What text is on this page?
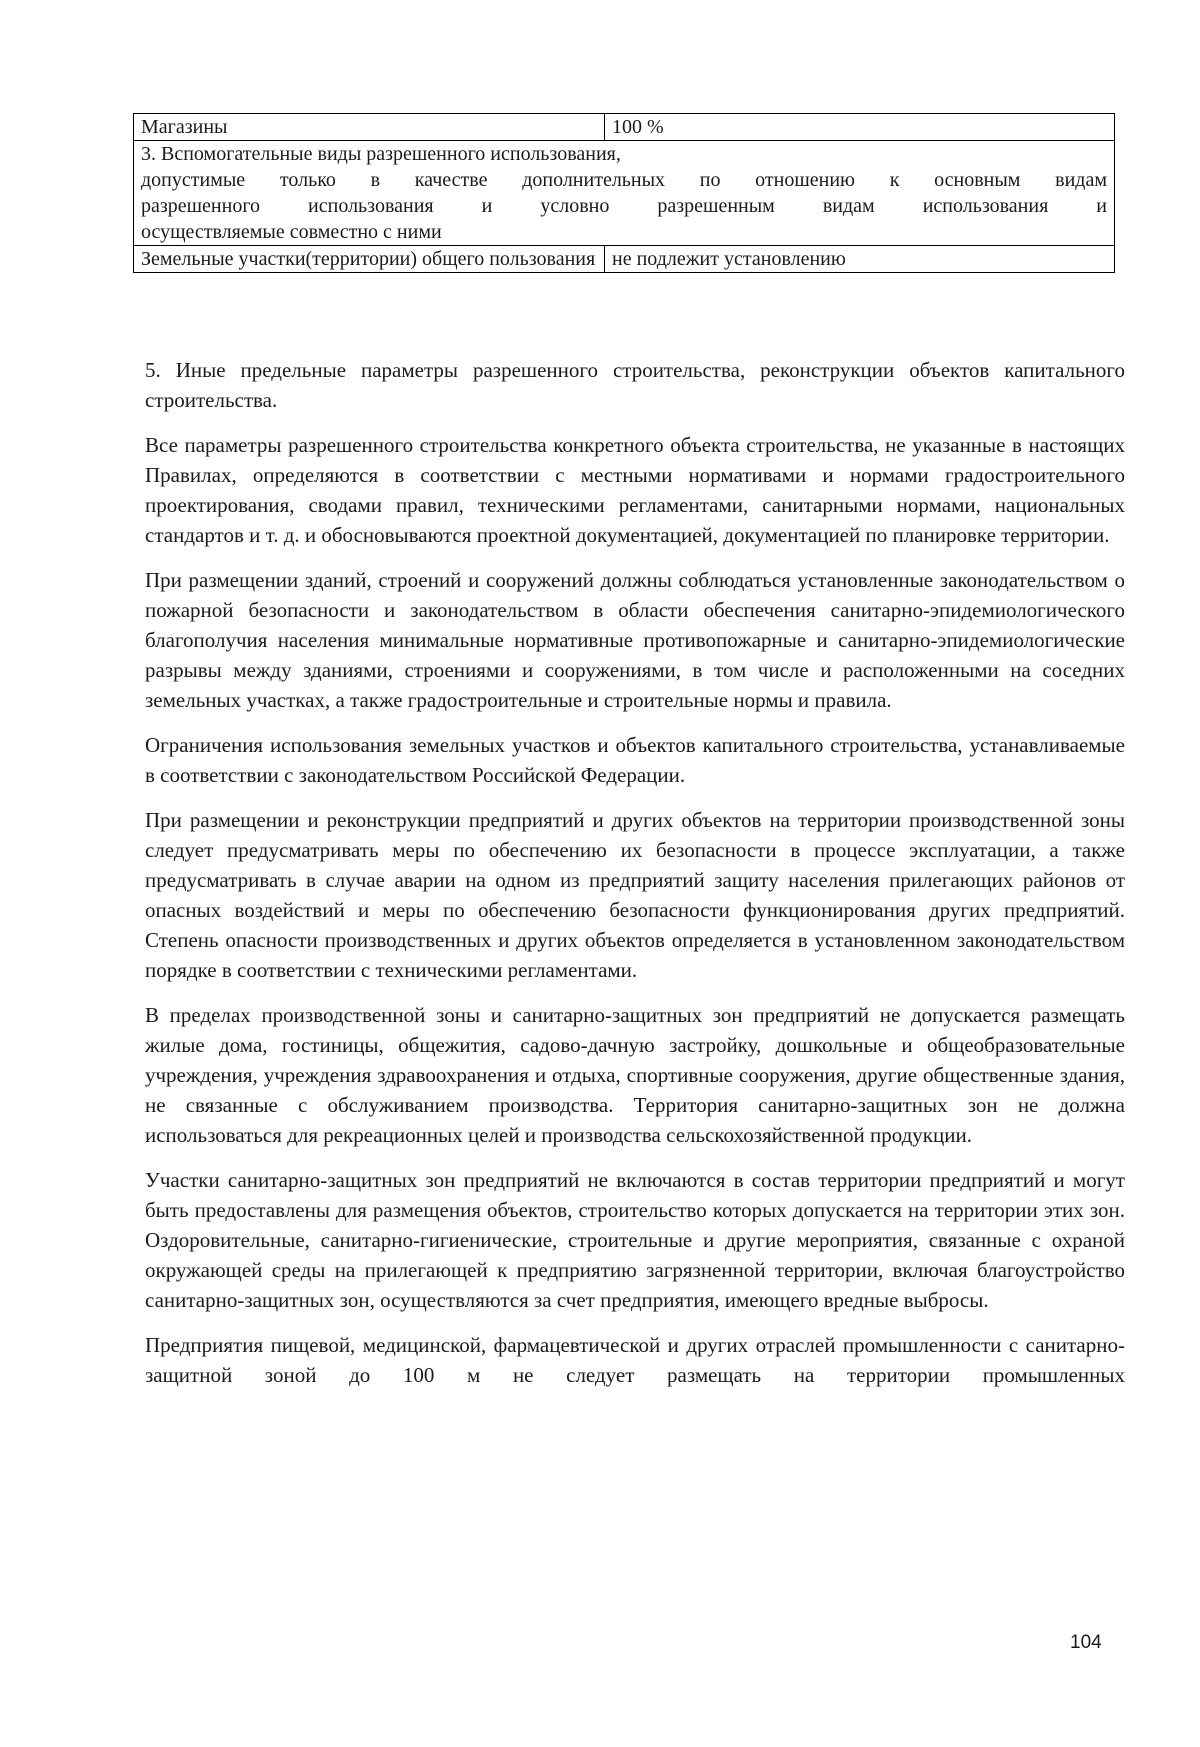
Магазины	100 %

3. Вспомогательные виды разрешенного использования,
допустимые только в качестве дополнительных по отношению к основным видам
разрешенного использования и условно разрешенным видам использования и
осуществляемые совместно с ними	

Земельные участки(территории) общего пользования	не подлежит установлению

5. Иные предельные параметры разрешенного строительства, реконструкции объектов капитального строительства.

Все параметры разрешенного строительства конкретного объекта строительства, не указанные в настоящих Правилах, определяются в соответствии с местными нормативами и нормами градостроительного проектирования, сводами правил, техническими регламентами, санитарными нормами, национальных стандартов и т. д. и обосновываются проектной документацией, документацией по планировке территории.

При размещении зданий, строений и сооружений должны соблюдаться установленные законодательством о пожарной безопасности и законодательством в области обеспечения санитарно-эпидемиологического благополучия населения минимальные нормативные противопожарные и санитарно-эпидемиологические разрывы между зданиями, строениями и сооружениями, в том числе и расположенными на соседних земельных участках, а также градостроительные и строительные нормы и правила.

Ограничения использования земельных участков и объектов капитального строительства, устанавливаемые в соответствии с законодательством Российской Федерации.

При размещении и реконструкции предприятий и других объектов на территории производственной зоны следует предусматривать меры по обеспечению их безопасности в процессе эксплуатации, а также предусматривать в случае аварии на одном из предприятий защиту населения прилегающих районов от опасных воздействий и меры по обеспечению безопасности функционирования других предприятий. Степень опасности производственных и других объектов определяется в установленном законодательством порядке в соответствии с техническими регламентами.

В пределах производственной зоны и санитарно-защитных зон предприятий не допускается размещать жилые дома, гостиницы, общежития, садово-дачную застройку, дошкольные и общеобразовательные учреждения, учреждения здравоохранения и отдыха, спортивные сооружения, другие общественные здания, не связанные с обслуживанием производства. Территория санитарно-защитных зон не должна использоваться для рекреационных целей и производства сельскохозяйственной продукции.

Участки санитарно-защитных зон предприятий не включаются в состав территории предприятий и могут быть предоставлены для размещения объектов, строительство которых допускается на территории этих зон. Оздоровительные, санитарно-гигиенические, строительные и другие мероприятия, связанные с охраной окружающей среды на прилегающей к предприятию загрязненной территории, включая благоустройство санитарно-защитных зон, осуществляются за счет предприятия, имеющего вредные выбросы.

Предприятия пищевой, медицинской, фармацевтической и других отраслей промышленности с санитарно-защитной зоной до 100 м не следует размещать на территории промышленных

104
